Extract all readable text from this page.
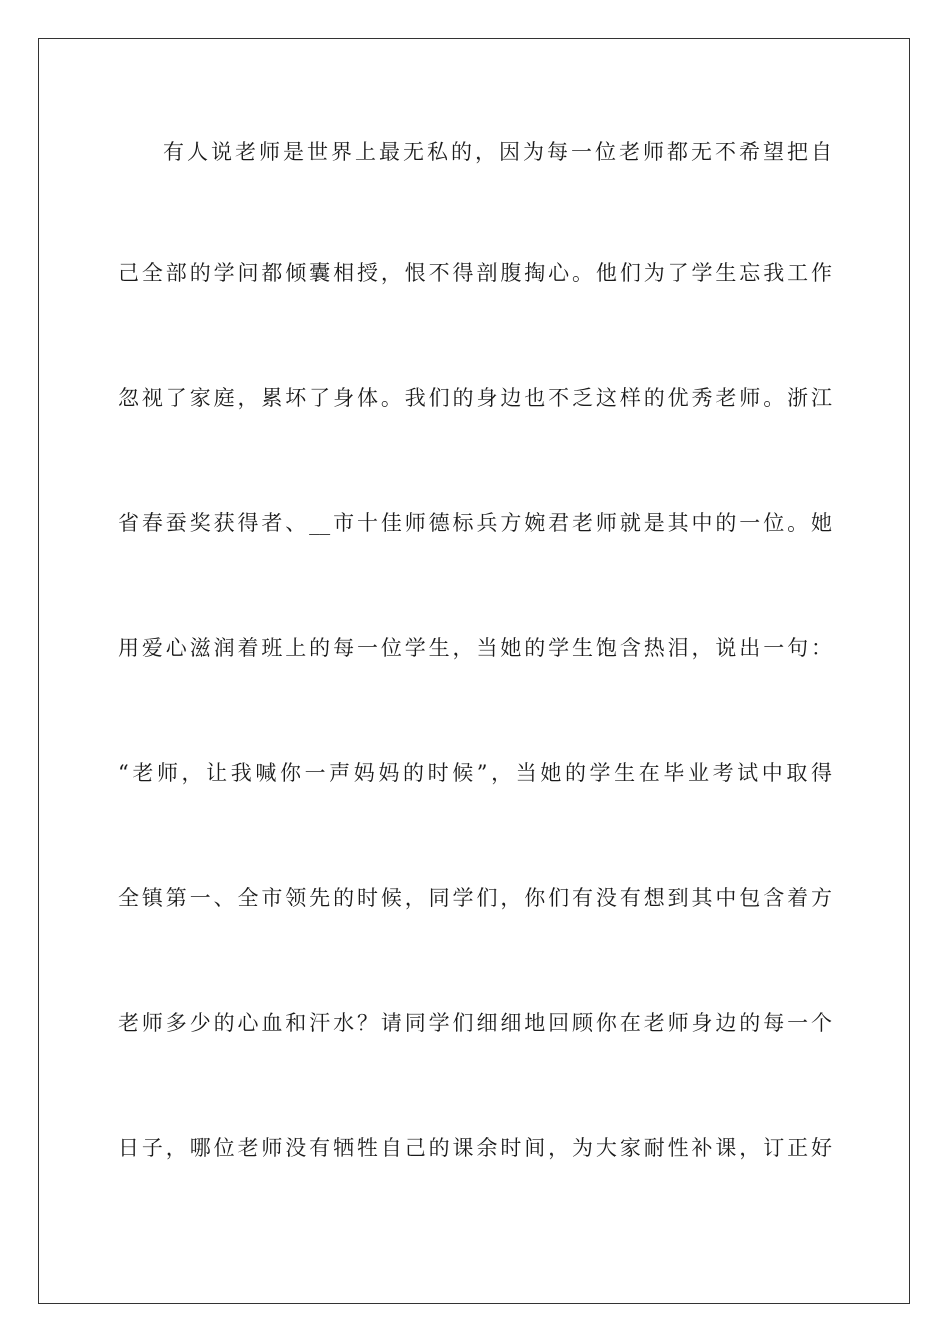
有人说老师是世界上最无私的，因为每一位老师都无不希望把自
己全部的学问都倾囊相授，恨不得剖腹掏心。他们为了学生忘我工作
忽视了家庭，累坏了身体。我们的身边也不乏这样的优秀老师。浙江
省春蚕奖获得者、__市十佳师德标兵方婉君老师就是其中的一位。她
用爱心滋润着班上的每一位学生，当她的学生饱含热泪，说出一句：
“老师，让我喊你一声妈妈的时候”，当她的学生在毕业考试中取得
全镇第一、全市领先的时候，同学们，你们有没有想到其中包含着方
老师多少的心血和汗水？请同学们细细地回顾你在老师身边的每一个
日子，哪位老师没有牺牲自己的课余时间，为大家耐性补课，订正好
